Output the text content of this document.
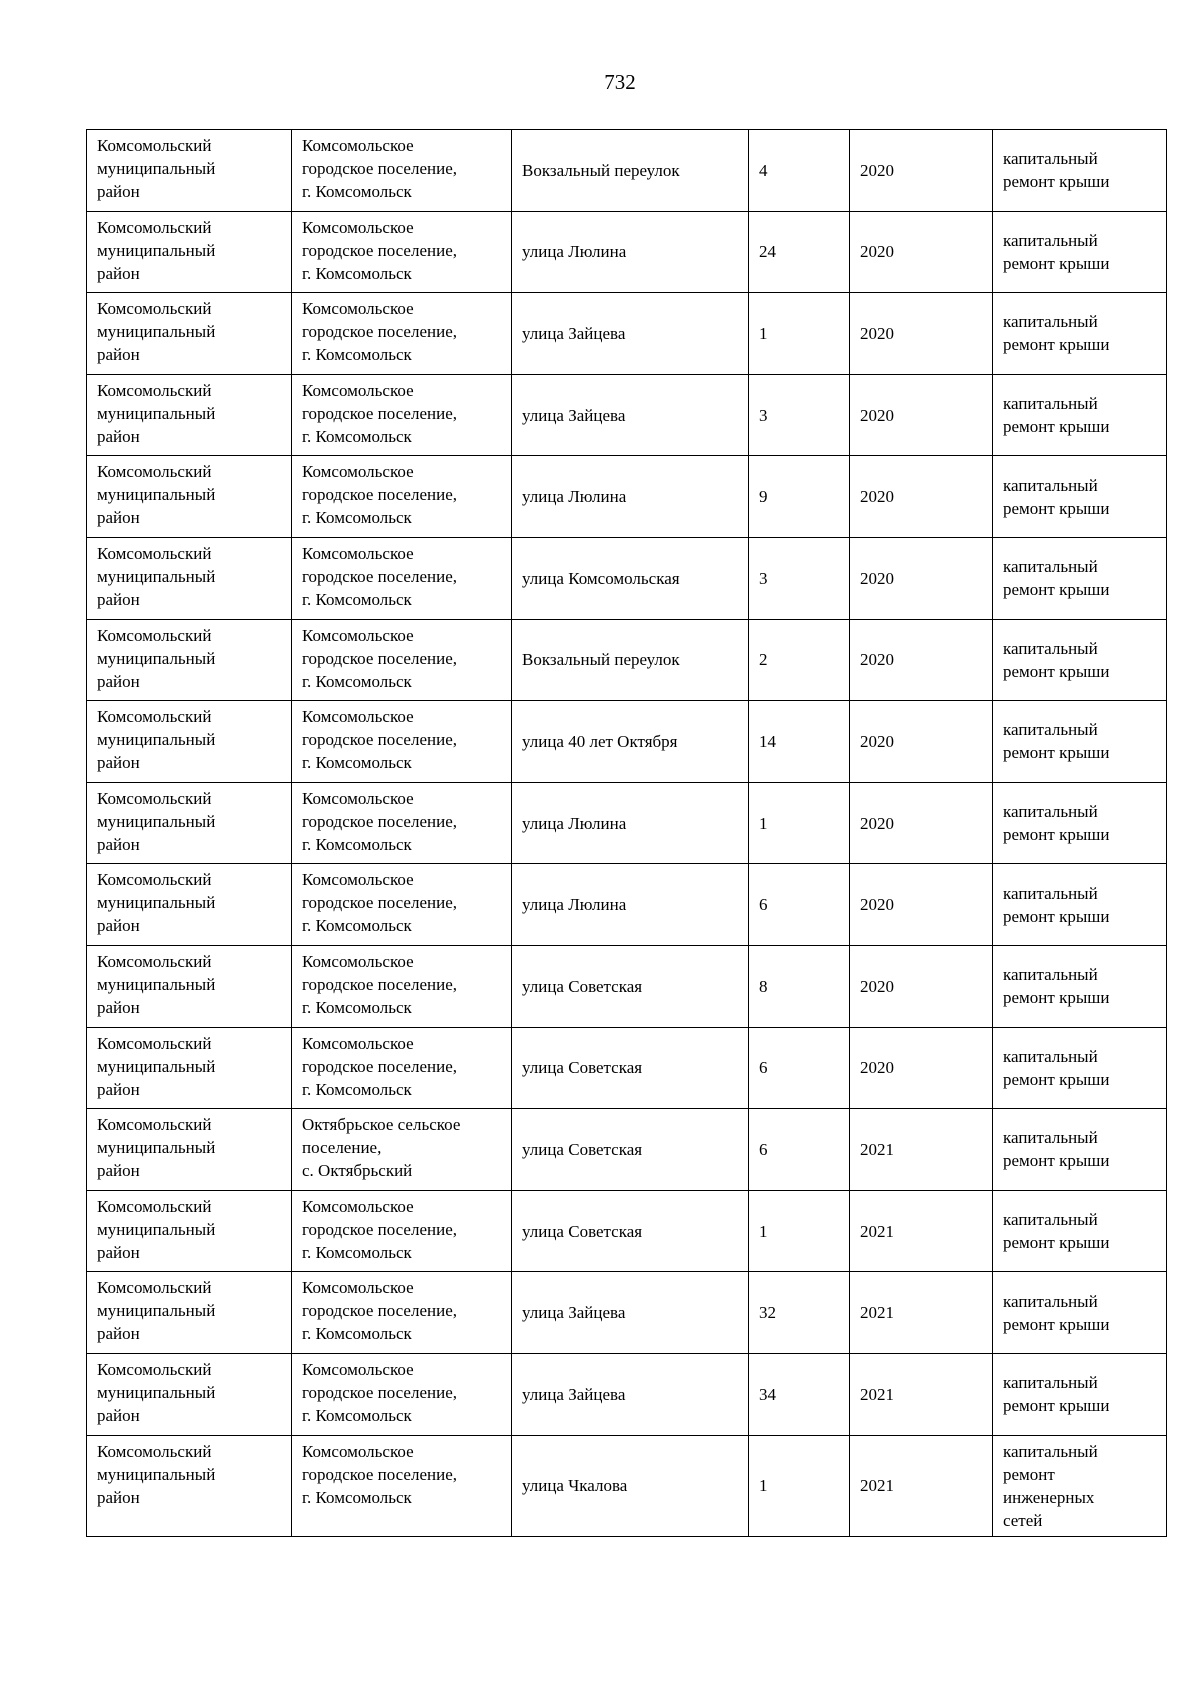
732
Комсомольский
муниципальный
район	Комсомольское
городское поселение,
г. Комсомольск	Вокзальный переулок	4	2020	капитальный
ремонт крыши

Комсомольский
муниципальный
район	Комсомольское
городское поселение,
г. Комсомольск	улица Люлина	24	2020	капитальный
ремонт крыши

Комсомольский
муниципальный
район	Комсомольское
городское поселение,
г. Комсомольск	улица Зайцева	1	2020	капитальный
ремонт крыши

Комсомольский
муниципальный
район	Комсомольское
городское поселение,
г. Комсомольск	улица Зайцева	3	2020	капитальный
ремонт крыши

Комсомольский
муниципальный
район	Комсомольское
городское поселение,
г. Комсомольск	улица Люлина	9	2020	капитальный
ремонт крыши

Комсомольский
муниципальный
район	Комсомольское
городское поселение,
г. Комсомольск	улица Комсомольская	3	2020	капитальный
ремонт крыши

Комсомольский
муниципальный
район	Комсомольское
городское поселение,
г. Комсомольск	Вокзальный переулок	2	2020	капитальный
ремонт крыши

Комсомольский
муниципальный
район	Комсомольское
городское поселение,
г. Комсомольск	улица 40 лет Октября	14	2020	капитальный
ремонт крыши

Комсомольский
муниципальный
район	Комсомольское
городское поселение,
г. Комсомольск	улица Люлина	1	2020	капитальный
ремонт крыши

Комсомольский
муниципальный
район	Комсомольское
городское поселение,
г. Комсомольск	улица Люлина	6	2020	капитальный
ремонт крыши

Комсомольский
муниципальный
район	Комсомольское
городское поселение,
г. Комсомольск	улица Советская	8	2020	капитальный
ремонт крыши

Комсомольский
муниципальный
район	Комсомольское
городское поселение,
г. Комсомольск	улица Советская	6	2020	капитальный
ремонт крыши

Комсомольский
муниципальный
район	Октябрьское сельское
поселение,
с. Октябрьский	улица Советская	6	2021	капитальный
ремонт крыши

Комсомольский
муниципальный
район	Комсомольское
городское поселение,
г. Комсомольск	улица Советская	1	2021	капитальный
ремонт крыши

Комсомольский
муниципальный
район	Комсомольское
городское поселение,
г. Комсомольск	улица Зайцева	32	2021	капитальный
ремонт крыши

Комсомольский
муниципальный
район	Комсомольское
городское поселение,
г. Комсомольск	улица Зайцева	34	2021	капитальный
ремонт крыши

Комсомольский
муниципальный
район	Комсомольское
городское поселение,
г. Комсомольск	улица Чкалова	1	2021	капитальный
ремонт
инженерных
сетей
